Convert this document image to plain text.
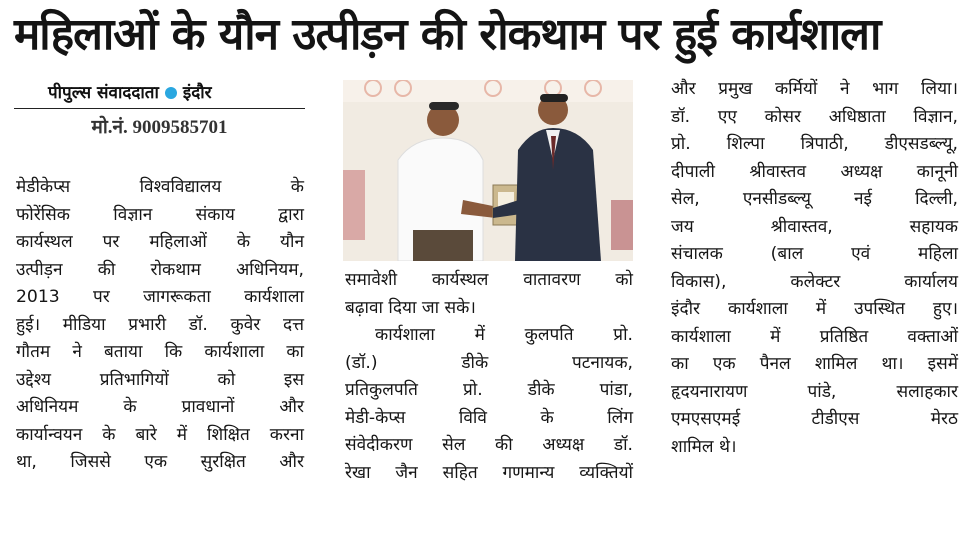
महिलाओं के यौन उत्पीड़न की रोकथाम पर हुई कार्यशाला
पीपुल्स संवाददाता इंदौर
मो.नं. 9009585701
मेडीकेप्स विश्वविद्यालय के
फोरेंसिक विज्ञान संकाय द्वारा
कार्यस्थल पर महिलाओं के यौन
उत्पीड़न की रोकथाम अधिनियम,
2013 पर जागरूकता कार्यशाला
हुई। मीडिया प्रभारी डॉ. कुवेर दत्त
गौतम ने बताया कि कार्यशाला का
उद्देश्य प्रतिभागियों को इस
अधिनियम के प्रावधानों और
कार्यान्वयन के बारे में शिक्षित करना
था, जिससे एक सुरक्षित और
समावेशी कार्यस्थल वातावरण को
बढ़ावा दिया जा सके।
कार्यशाला में कुलपति प्रो.
(डॉ.) डीके पटनायक,
प्रतिकुलपति प्रो. डीके पांडा,
मेडी-केप्स विवि के लिंग
संवेदीकरण सेल की अध्यक्ष डॉ.
रेखा जैन सहित गणमान्य व्यक्तियों
और प्रमुख कर्मियों ने भाग लिया।
डॉ. एए कोसर अधिष्ठाता विज्ञान,
प्रो. शिल्पा त्रिपाठी, डीएसडब्ल्यू,
दीपाली श्रीवास्तव अध्यक्ष कानूनी
सेल, एनसीडब्ल्यू नई दिल्ली,
जय श्रीवास्तव, सहायक
संचालक (बाल एवं महिला
विकास), कलेक्टर कार्यालय
इंदौर कार्यशाला में उपस्थित हुए।
कार्यशाला में प्रतिष्ठित वक्ताओं
का एक पैनल शामिल था। इसमें
हृदयनारायण पांडे, सलाहकार
एमएसएमई टीडीएस मेरठ
शामिल थे।
